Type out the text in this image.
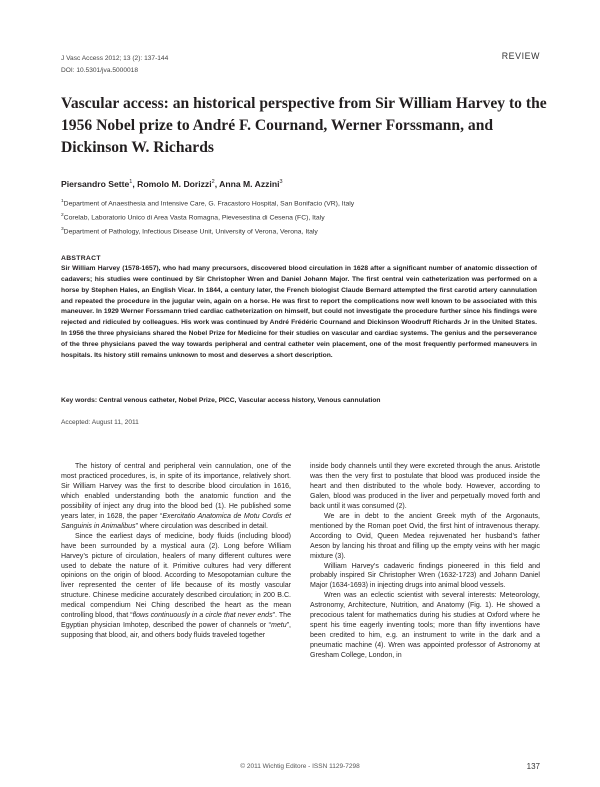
J Vasc Access 2012; 13 (2): 137-144
DOI: 10.5301/jva.5000018
REVIEW
Vascular access: an historical perspective from Sir William Harvey to the 1956 Nobel prize to André F. Cournand, Werner Forssmann, and Dickinson W. Richards
Piersandro Sette$^1$, Romolo M. Dorizzi$^2$, Anna M. Azzini$^3$
$^1$Department of Anaesthesia and Intensive Care, G. Fracastoro Hospital, San Bonifacio (VR), Italy
$^2$Corelab, Laboratorio Unico di Area Vasta Romagna, Pievesestina di Cesena (FC), Italy
$^3$Department of Pathology, Infectious Disease Unit, University of Verona, Verona, Italy
ABSTRACT

Sir William Harvey (1578-1657), who had many precursors, discovered blood circulation in 1628 after a significant number of anatomic dissection of cadavers; his studies were continued by Sir Christopher Wren and Daniel Johann Major. The first central vein catheterization was performed on a horse by Stephen Hales, an English Vicar. In 1844, a century later, the French biologist Claude Bernard attempted the first carotid artery cannulation and repeated the procedure in the jugular vein, again on a horse. He was first to report the complications now well known to be associated with this maneuver. In 1929 Werner Forssmann tried cardiac catheterization on himself, but could not investigate the procedure further since his findings were rejected and ridiculed by colleagues. His work was continued by André Frédéric Cournand and Dickinson Woodruff Richards Jr in the United States. In 1956 the three physicians shared the Nobel Prize for Medicine for their studies on vascular and cardiac systems. The genius and the perseverance of the three physicians paved the way towards peripheral and central catheter vein placement, one of the most frequently performed maneuvers in hospitals. Its history still remains unknown to most and deserves a short description.

Key words: Central venous catheter, Nobel Prize, PICC, Vascular access history, Venous cannulation
Accepted: August 11, 2011

The history of central and peripheral vein cannulation, one of the most practiced procedures, is, in spite of its importance, relatively short. Sir William Harvey was the first to describe blood circulation in 1616, which enabled understanding both the anatomic function and the possibility of inject any drug into the blood bed (1). He published some years later, in 1628, the paper “Exercitatio Anatomica de Motu Cordis et Sanguinis in Animalibus” where circulation was described in detail.

Since the earliest days of medicine, body fluids (including blood) have been surrounded by a mystical aura (2). Long before William Harvey’s picture of circulation, healers of many different cultures were used to debate the nature of it. Primitive cultures had very different opinions on the origin of blood. According to Mesopotamian culture the liver represented the center of life because of its mostly vascular structure. Chinese medicine accurately described circulation; in 200 B.C. medical compendium Nei Ching described the heart as the mean controlling blood, that “flows continuously in a circle that never ends”. The Egyptian physician Imhotep, described the power of channels or “metu”, supposing that blood, air, and others body fluids traveled together

inside body channels until they were excreted through the anus. Aristotle was then the very first to postulate that blood was produced inside the heart and then distributed to the whole body. However, according to Galen, blood was produced in the liver and perpetually moved forth and back until it was consumed (2).

We are in debt to the ancient Greek myth of the Argonauts, mentioned by the Roman poet Ovid, the first hint of intravenous therapy. According to Ovid, Queen Medea rejuvenated her husband’s father Aeson by lancing his throat and filling up the empty veins with her magic mixture (3).

William Harvey’s cadaveric findings pioneered in this field and probably inspired Sir Christopher Wren (1632-1723) and Johann Daniel Major (1634-1693) in injecting drugs into animal blood vessels.

Wren was an eclectic scientist with several interests: Meteorology, Astronomy, Architecture, Nutrition, and Anatomy (Fig. 1). He showed a precocious talent for mathematics during his studies at Oxford where he spent his time eagerly inventing tools; more than fifty inventions have been credited to him, e.g. an instrument to write in the dark and a pneumatic machine (4). Wren was appointed professor of Astronomy at Gresham College, London, in

© 2011 Wichtig Editore - ISSN 1129-7298	137
